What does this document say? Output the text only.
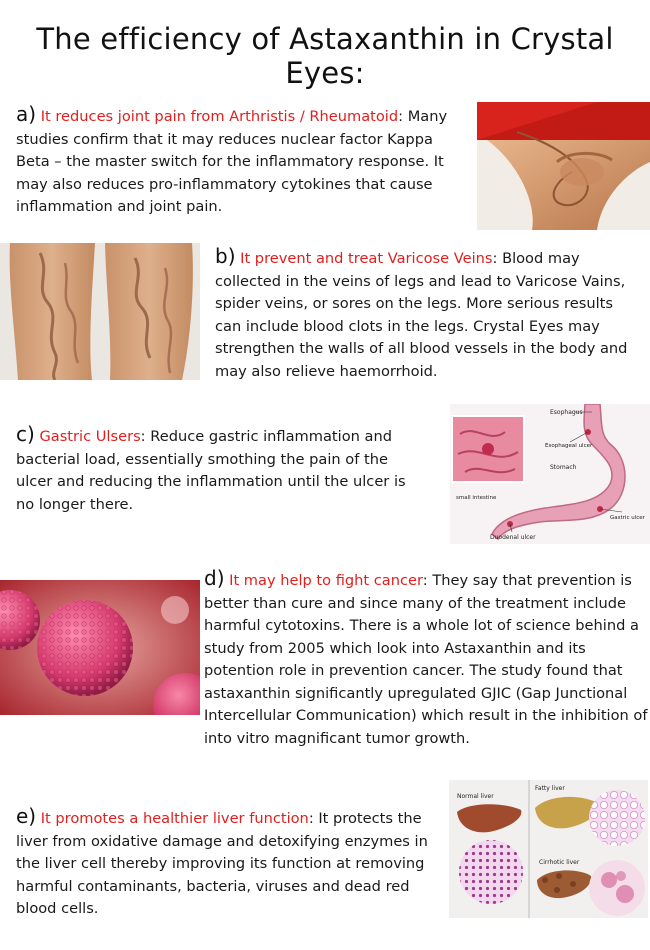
The efficiency of Astaxanthin in Crystal Eyes:
a) It reduces joint pain from Arthristis / Rheumatoid: Many studies confirm that it may reduces nuclear factor Kappa Beta – the master switch for the inflammatory response. It may also reduces pro-inflammatory cytokines that cause inflammation and joint pain.
b) It prevent and treat Varicose Veins: Blood may collected in the veins of legs and lead to Varicose Vains, spider veins, or sores on the legs. More serious results can include blood clots in the legs. Crystal Eyes may strengthen the walls of all blood vessels in the body and may also relieve haemorrhoid.
c) Gastric Ulsers: Reduce gastric inflammation and bacterial load, essentially smothing the pain of the ulcer and reducing the inflammation until the ulcer is no longer there.
Esophagus
Esophageal ulcer
Stomach
small intestine
Gastric ulcer
Duodenal ulcer
d) It may help to fight cancer: They say that prevention is better than cure and since many of the treatment include harmful cytotoxins. There is a whole lot of science behind a study from 2005 which look into Astaxanthin and its potention role in prevention cancer. The study found that astaxanthin significantly upregulated GJIC (Gap Junctional Intercellular Communication) which result in the inhibition of into vitro magnificant tumor growth.
e) It promotes a healthier liver function: It protects the liver from oxidative damage and detoxifying enzymes in the liver cell thereby improving its function at removing harmful contaminants, bacteria, viruses and dead red blood cells.
Normal liver
Fatty liver
Cirrhotic liver
